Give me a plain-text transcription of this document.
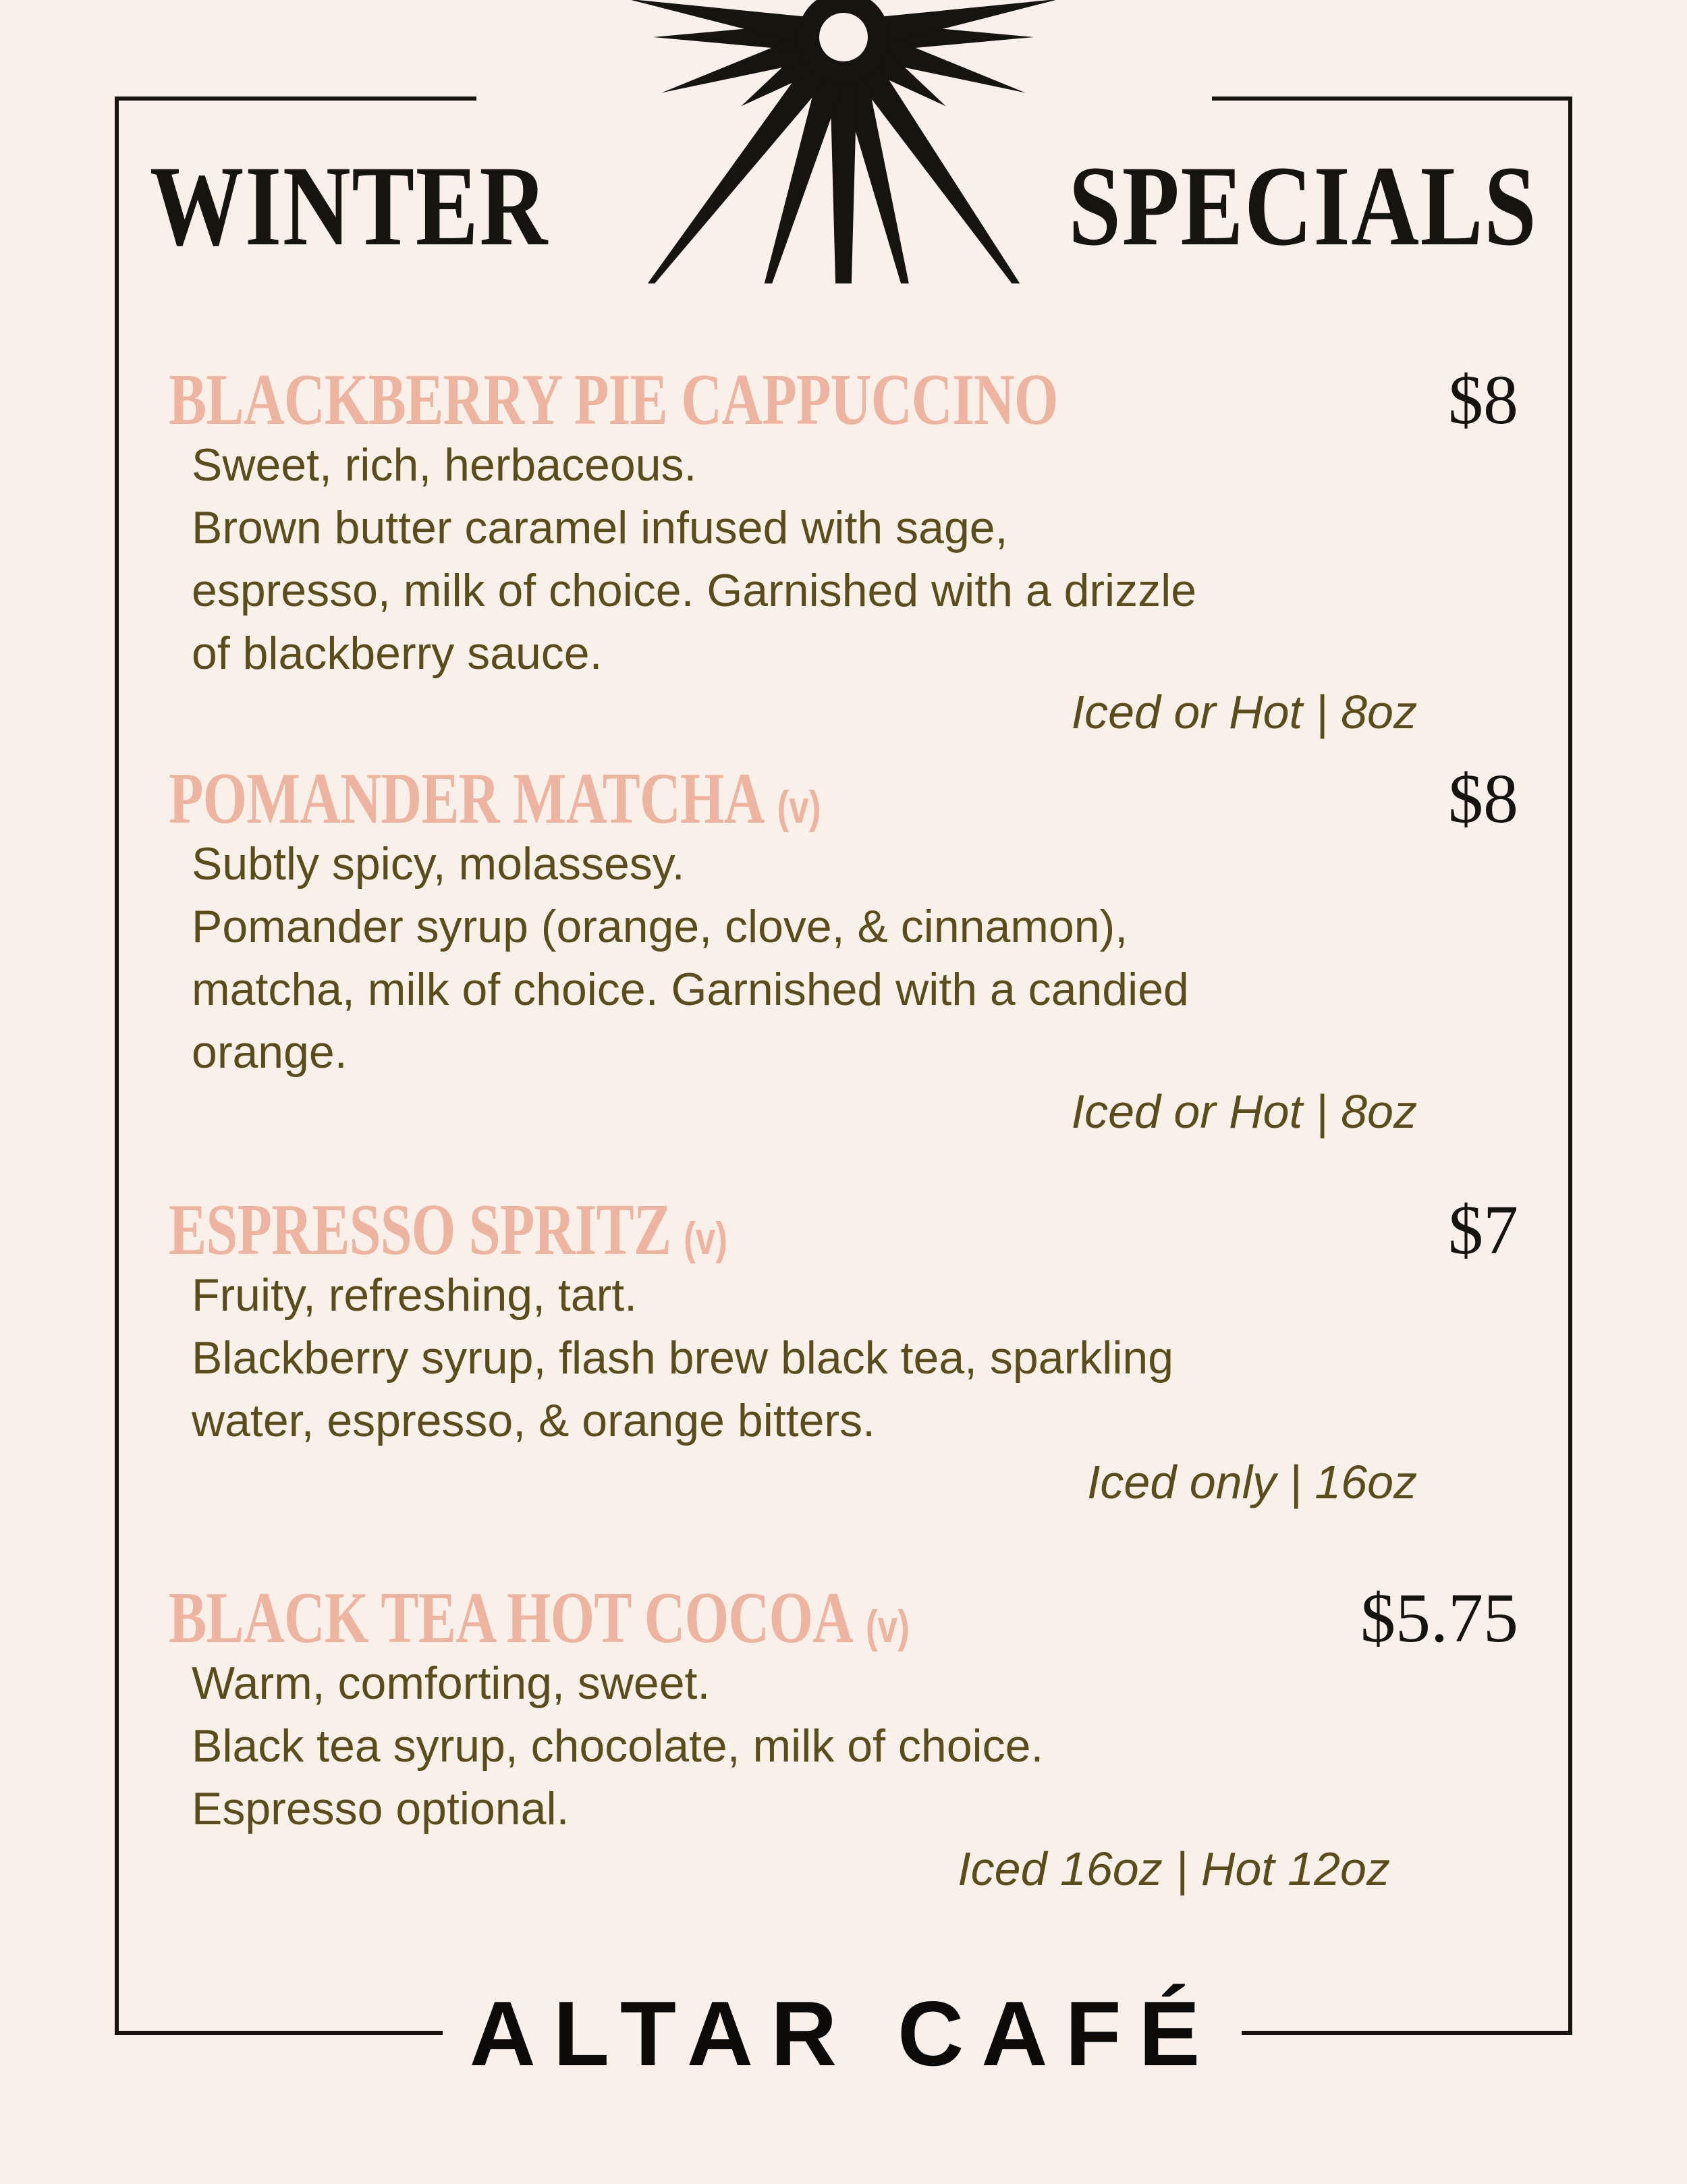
WINTER	SPECIALS
BLACKBERRY PIE CAPPUCCINO	$8

Sweet, rich, herbaceous.
Brown butter caramel infused with sage,
espresso, milk of choice. Garnished with a drizzle
of blackberry sauce.

Iced or Hot | 8oz
POMANDER MATCHA (v)	$8

Subtly spicy, molassesy.
Pomander syrup (orange, clove, & cinnamon),
matcha, milk of choice. Garnished with a candied
orange.

Iced or Hot | 8oz
ESPRESSO SPRITZ (v)	$7

Fruity, refreshing, tart.
Blackberry syrup, flash brew black tea, sparkling
water, espresso, & orange bitters.

Iced only | 16oz
BLACK TEA HOT COCOA (v)	$5.75

Warm, comforting, sweet.
Black tea syrup, chocolate, milk of choice.
Espresso optional.

Iced 16oz | Hot 12oz
ALTAR CAFÉ
